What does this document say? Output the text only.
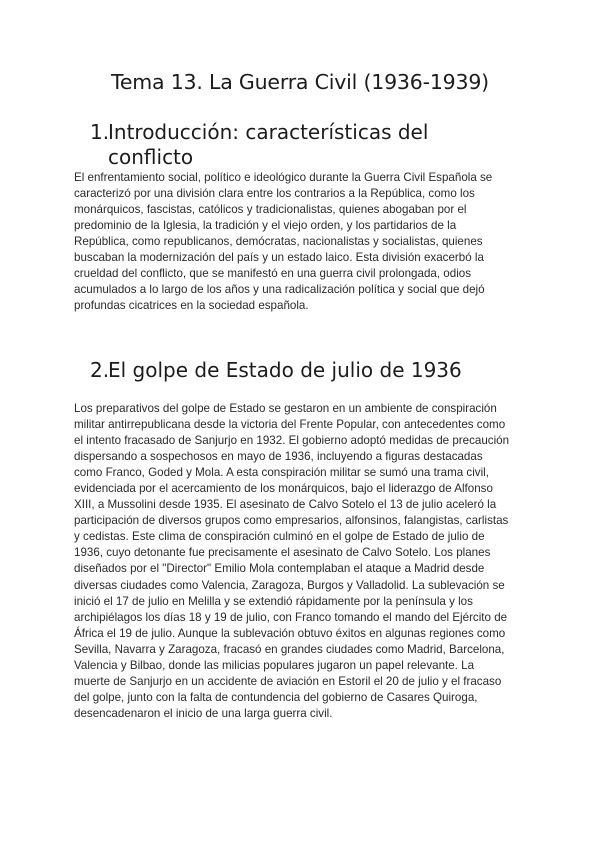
Tema 13. La Guerra Civil (1936-1939)
1.
Introducción: características del
conflicto

El enfrentamiento social, político e ideológico durante la Guerra Civil Española se
caracterizó por una división clara entre los contrarios a la República, como los
monárquicos, fascistas, católicos y tradicionalistas, quienes abogaban por el
predominio de la Iglesia, la tradición y el viejo orden, y los partidarios de la
República, como republicanos, demócratas, nacionalistas y socialistas, quienes
buscaban la modernización del país y un estado laico. Esta división exacerbó la
crueldad del conflicto, que se manifestó en una guerra civil prolongada, odios
acumulados a lo largo de los años y una radicalización política y social que dejó
profundas cicatrices en la sociedad española.

2.
El golpe de Estado de julio de 1936

Los preparativos del golpe de Estado se gestaron en un ambiente de conspiración
militar antirrepublicana desde la victoria del Frente Popular, con antecedentes como
el intento fracasado de Sanjurjo en 1932. El gobierno adoptó medidas de precaución
dispersando a sospechosos en mayo de 1936, incluyendo a figuras destacadas
como Franco, Goded y Mola. A esta conspiración militar se sumó una trama civil,
evidenciada por el acercamiento de los monárquicos, bajo el liderazgo de Alfonso
XIII, a Mussolini desde 1935. El asesinato de Calvo Sotelo el 13 de julio aceleró la
participación de diversos grupos como empresarios, alfonsinos, falangistas, carlistas
y cedistas. Este clima de conspiración culminó en el golpe de Estado de julio de
1936, cuyo detonante fue precisamente el asesinato de Calvo Sotelo. Los planes
diseñados por el "Director" Emilio Mola contemplaban el ataque a Madrid desde
diversas ciudades como Valencia, Zaragoza, Burgos y Valladolid. La sublevación se
inició el 17 de julio en Melilla y se extendió rápidamente por la península y los
archipiélagos los días 18 y 19 de julio, con Franco tomando el mando del Ejército de
África el 19 de julio. Aunque la sublevación obtuvo éxitos en algunas regiones como
Sevilla, Navarra y Zaragoza, fracasó en grandes ciudades como Madrid, Barcelona,
Valencia y Bilbao, donde las milicias populares jugaron un papel relevante. La
muerte de Sanjurjo en un accidente de aviación en Estoril el 20 de julio y el fracaso
del golpe, junto con la falta de contundencia del gobierno de Casares Quiroga,
desencadenaron el inicio de una larga guerra civil.
